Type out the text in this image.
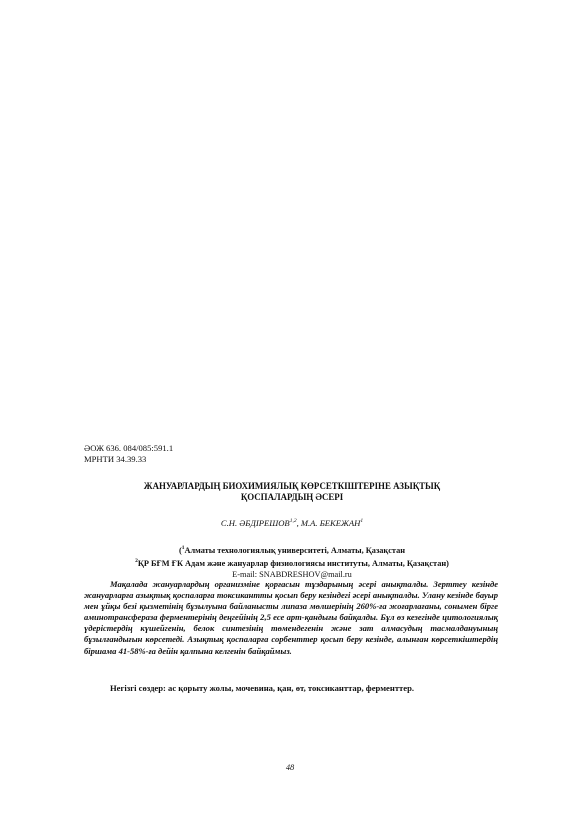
ӘОЖ 636. 084/085:591.1
МРНТИ 34.39.33
ЖАНУАРЛАРДЫҢ БИОХИМИЯЛЫҚ КӨРСЕТКІШТЕРІНЕ АЗЫҚТЫҚ
ҚОСПАЛАРДЫҢ ӘСЕРІ
С.Н. ӘБДІРЕШОВ$^{1,2}$, М.А. БЕКЕЖАН$^1$
($^1$Алматы технологиялық университеті, Алматы, Қазақстан
$^2$ҚР БҒМ ҒК Адам және жануарлар физиологиясы институты, Алматы, Қазақстан)
E-mail: SNABDRESHOV@mail.ru

Мақалада жануарлардың организміне қорғасын тұздарының әсері анықталды. Зерттеу кезінде жануарларға азықтық қоспаларға токсикантты қосып беру кезіндегі әсері анықталды. Улану кезінде бауыр мен ұйқы безі қызметінің бұзылуына байланысты липаза мөлшерінің 260%-ға жоғарлағаны, сонымен бірге аминотрансфераза ферментерінің деңгейінің 2,5 есе арт-қандығы байқалды. Бұл өз кезегінде цитологиялық үдерістердің күшейгенін, белок синтезінің төмендегенін және зат алмасудың тасмалдануының бұзылғандығын көрсетеді. Азықтық қоспаларға сорбенттер қосып беру кезінде, алынған көрсеткіштердің біршама 41-58%-ға дейін қалпына келгенін байқаймыз.

Негізгі сөздер: ас қорыту жолы, мочевина, қан, өт, токсиканттар, ферменттер.
48
